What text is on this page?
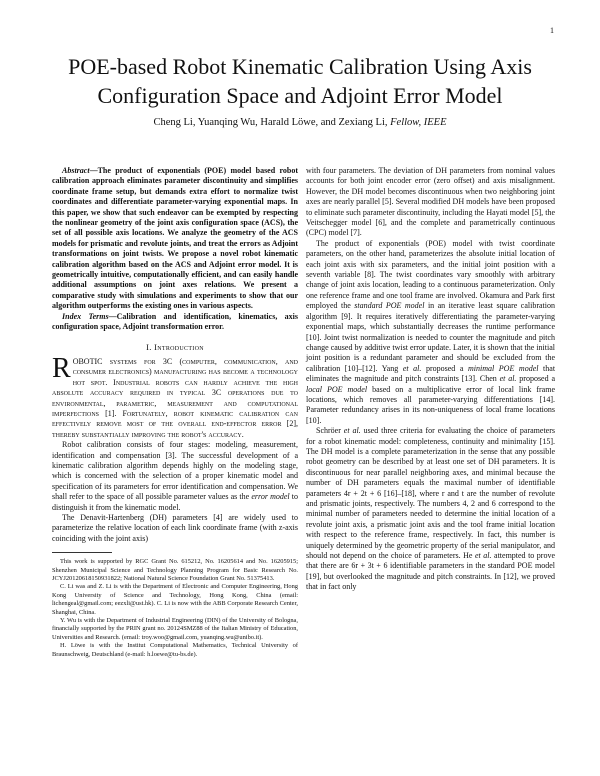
1
POE-based Robot Kinematic Calibration Using Axis Configuration Space and Adjoint Error Model
Cheng Li, Yuanqing Wu, Harald Löwe, and Zexiang Li, Fellow, IEEE

Abstract—The product of exponentials (POE) model based robot calibration approach eliminates parameter discontinuity and simplifies coordinate frame setup, but demands extra effort to normalize twist coordinates and differentiate parameter-varying exponential maps. In this paper, we show that such endeavor can be exempted by respecting the nonlinear geometry of the joint axis configuration space (ACS), the set of all possible axis locations. We analyze the geometry of the ACS models for prismatic and revolute joints, and treat the errors as Adjoint transformations on joint twists. We propose a novel robot kinematic calibration algorithm based on the ACS and Adjoint error model. It is geometrically intuitive, computationally efficient, and can easily handle additional assumptions on joint axes relations. We present a comparative study with simulations and experiments to show that our algorithm outperforms the existing ones in various aspects.

Index Terms—Calibration and identification, kinematics, axis configuration space, Adjoint transformation error.

I. Introduction

ROBOTIC systems for 3C (computer, communication, and consumer electronics) manufacturing has become a technology hot spot. Industrial robots can hardly achieve the high absolute accuracy required in typical 3C operations due to environmental, parametric, measurement and computational imperfections [1]. Fortunately, robot kinematic calibration can effectively remove most of the overall end-effector error [2], thereby substantially improving the robot's accuracy.

Robot calibration consists of four stages: modeling, measurement, identification and compensation [3]. The successful development of a kinematic calibration algorithm depends highly on the modeling stage, which is concerned with the selection of a proper kinematic model and specification of its parameters for error identification and compensation. We shall refer to the space of all possible parameter values as the error model to distinguish it from the kinematic model.

The Denavit-Hartenberg (DH) parameters [4] are widely used to parameterize the relative location of each link coordinate frame (with z-axis coinciding with the joint axis)

This work is supported by RGC Grant No. 615212, No. 16205614 and No. 16205915; Shenzhen Municipal Science and Technology Planning Program for Basic Research No. JCYJ20120618150931822; National Natural Science Foundation Grant No. 51375413.

C. Li was and Z. Li is with the Department of Electronic and Computer Engineering, Hong Kong University of Science and Technology, Hong Kong, China (email: lichengeal@gmail.com; eezxli@ust.hk). C. Li is now with the ABB Corporate Research Center, Shanghai, China.

Y. Wu is with the Department of Industrial Engineering (DIN) of the University of Bologna, financially supported by the PRIN grant no. 20124SMZ88 of the Italian Ministry of Education, Universities and Research. (email: troy.woo@gmail.com, yuanqing.wu@unibo.it).

H. Löwe is with the Institut Computational Mathematics, Technical University of Braunschweig, Deutschland (e-mail: h.loewe@tu-bs.de).

with four parameters. The deviation of DH parameters from nominal values accounts for both joint encoder error (zero offset) and axis misalignment. However, the DH model becomes discontinuous when two neighboring joint axes are nearly parallel [5]. Several modified DH models have been proposed to eliminate such parameter discontinuity, including the Hayati model [5], the Veitschegger model [6], and the complete and parametrically continuous (CPC) model [7].

The product of exponentials (POE) model with twist coordinate parameters, on the other hand, parameterizes the absolute initial location of each joint axis with six parameters, and the initial joint position with a seventh variable [8]. The twist coordinates vary smoothly with arbitrary change of joint axis location, leading to a continuous parameterization. Only one reference frame and one tool frame are involved. Okamura and Park first employed the standard POE model in an iterative least square calibration algorithm [9]. It requires iteratively differentiating the parameter-varying exponential maps, which substantially decreases the runtime performance [10]. Joint twist normalization is needed to counter the magnitude and pitch change caused by additive twist error update. Later, it is shown that the initial joint position is a redundant parameter and should be excluded from the calibration [10]–[12]. Yang et al. proposed a minimal POE model that eliminates the magnitude and pitch constraints [13]. Chen et al. proposed a local POE model based on a multiplicative error of local link frame locations, which removes all parameter-varying differentiations [14]. Parameter redundancy arises in its non-uniqueness of local frame locations [10].

Schröer et al. used three criteria for evaluating the choice of parameters for a robot kinematic model: completeness, continuity and minimality [15]. The DH model is a complete parameterization in the sense that any possible robot geometry can be described by at least one set of DH parameters. It is discontinuous for near parallel neighboring axes, and minimal because the number of DH parameters equals the maximal number of identifiable parameters 4r + 2t + 6 [16]–[18], where r and t are the number of revolute and prismatic joints, respectively. The numbers 4, 2 and 6 correspond to the minimal number of parameters needed to determine the initial location of a revolute joint axis, a prismatic joint axis and the tool frame initial location with respect to the reference frame, respectively. In fact, this number is uniquely determined by the geometric property of the serial manipulator, and should not depend on the choice of parameters. He et al. attempted to prove that there are 6r + 3t + 6 identifiable parameters in the standard POE model [19], but overlooked the magnitude and pitch constraints. In [12], we proved that in fact only
